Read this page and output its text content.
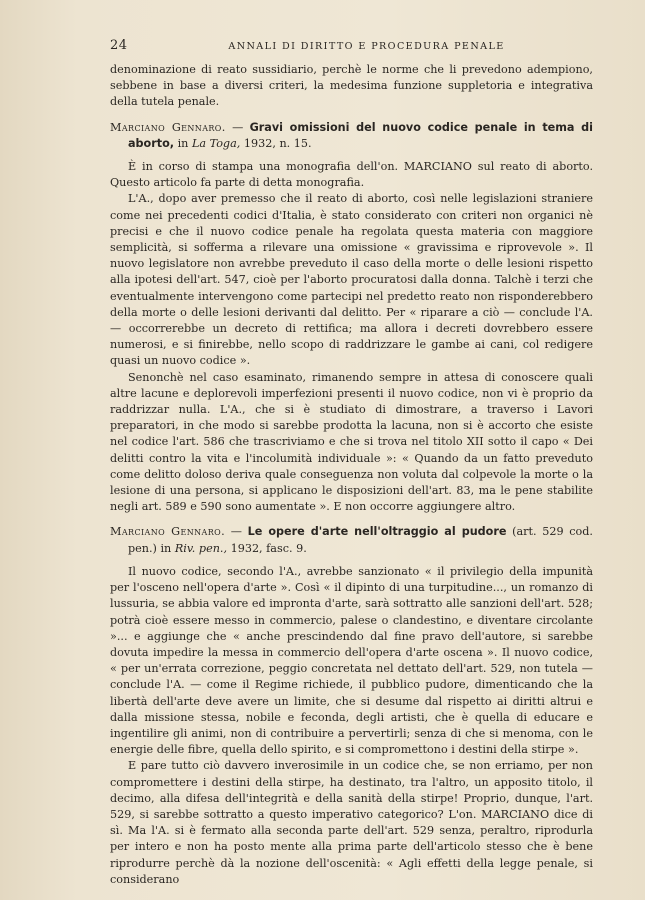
24	ANNALI DI DIRITTO E PROCEDURA PENALE

denominazione di reato sussidiario, perchè le norme che li prevedono adempiono, sebbene in base a diversi criteri, la medesima funzione suppletoria e integrativa della tutela penale.

Marciano Gennaro. — Gravi omissioni del nuovo codice penale in tema di aborto, in La Toga, 1932, n. 15.

È in corso di stampa una monografia dell'on. MARCIANO sul reato di aborto. Questo articolo fa parte di detta monografia.

L'A., dopo aver premesso che il reato di aborto, così nelle legislazioni straniere come nei precedenti codici d'Italia, è stato considerato con criteri non organici nè precisi e che il nuovo codice penale ha regolata questa materia con maggiore semplicità, si sofferma a rilevare una omissione « gravissima e riprovevole ». Il nuovo legislatore non avrebbe preveduto il caso della morte o delle lesioni rispetto alla ipotesi dell'art. 547, cioè per l'aborto procuratosi dalla donna. Talchè i terzi che eventualmente intervengono come partecipi nel predetto reato non risponderebbero della morte o delle lesioni derivanti dal delitto. Per « riparare a ciò — conclude l'A. — occorrerebbe un decreto di rettifica; ma allora i decreti dovrebbero essere numerosi, e si finirebbe, nello scopo di raddrizzare le gambe ai cani, col redigere quasi un nuovo codice ».

Senonchè nel caso esaminato, rimanendo sempre in attesa di conoscere quali altre lacune e deplorevoli imperfezioni presenti il nuovo codice, non vi è proprio da raddrizzar nulla. L'A., che si è studiato di dimostrare, a traverso i Lavori preparatori, in che modo si sarebbe prodotta la lacuna, non si è accorto che esiste nel codice l'art. 586 che trascriviamo e che si trova nel titolo XII sotto il capo « Dei delitti contro la vita e l'incolumità individuale »: « Quando da un fatto preveduto come delitto doloso deriva quale conseguenza non voluta dal colpevole la morte o la lesione di una persona, si applicano le disposizioni dell'art. 83, ma le pene stabilite negli art. 589 e 590 sono aumentate ». E non occorre aggiungere altro.

Marciano Gennaro. — Le opere d'arte nell'oltraggio al pudore (art. 529 cod. pen.) in Riv. pen., 1932, fasc. 9.

Il nuovo codice, secondo l'A., avrebbe sanzionato « il privilegio della impunità per l'osceno nell'opera d'arte ». Così « il dipinto di una turpitudine..., un romanzo di lussuria, se abbia valore ed impronta d'arte, sarà sottratto alle sanzioni dell'art. 528; potrà cioè essere messo in commercio, palese o clandestino, e diventare circolante »... e aggiunge che « anche prescindendo dal fine pravo dell'autore, si sarebbe dovuta impedire la messa in commercio dell'opera d'arte oscena ». Il nuovo codice, « per un'errata correzione, peggio concretata nel dettato dell'art. 529, non tutela — conclude l'A. — come il Regime richiede, il pubblico pudore, dimenticando che la libertà dell'arte deve avere un limite, che si desume dal rispetto ai diritti altrui e dalla missione stessa, nobile e feconda, degli artisti, che è quella di educare e ingentilire gli animi, non di contribuire a pervertirli; senza di che si menoma, con le energie delle fibre, quella dello spirito, e si compromettono i destini della stirpe ».

E pare tutto ciò davvero inverosimile in un codice che, se non erriamo, per non compromettere i destini della stirpe, ha destinato, tra l'altro, un apposito titolo, il decimo, alla difesa dell'integrità e della sanità della stirpe! Proprio, dunque, l'art. 529, si sarebbe sottratto a questo imperativo categorico? L'on. MARCIANO dice di sì. Ma l'A. si è fermato alla seconda parte dell'art. 529 senza, peraltro, riprodurla per intero e non ha posto mente alla prima parte dell'articolo stesso che è bene riprodurre perchè dà la nozione dell'oscenità: « Agli effetti della legge penale, si considerano
